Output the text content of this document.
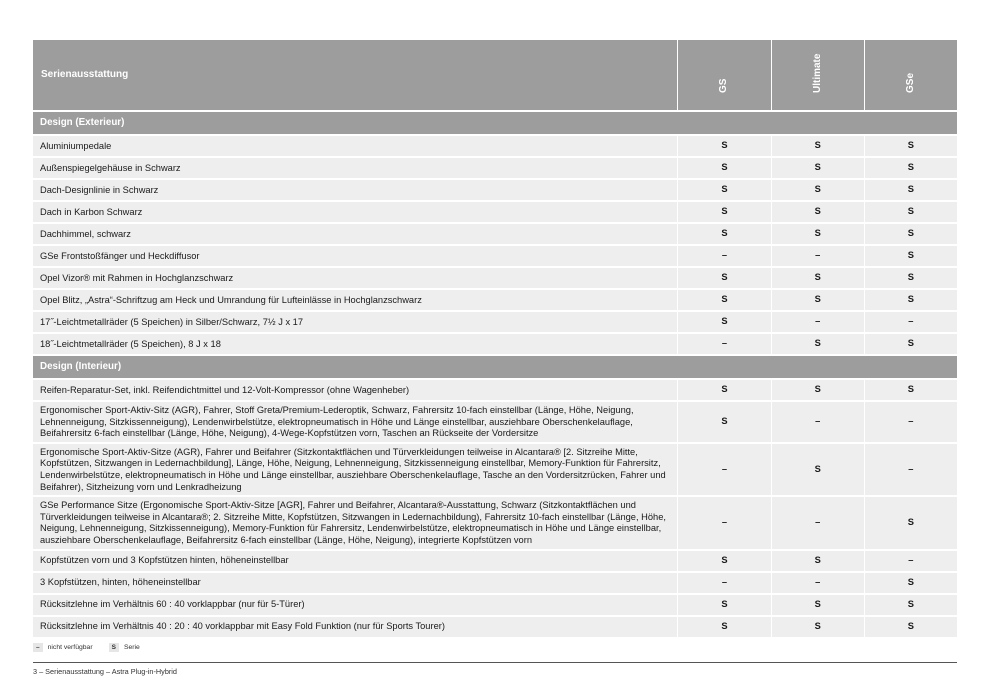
Serienausstattung	GS	Ultimate	GSe

Design (Exterieur)			
Aluminiumpedale	S	S	S
Außenspiegelgehäuse in Schwarz	S	S	S
Dach-Designlinie in Schwarz	S	S	S
Dach in Karbon Schwarz	S	S	S
Dachhimmel, schwarz	S	S	S
GSe Frontstoßfänger und Heckdiffusor	–	–	S
Opel Vizor® mit Rahmen in Hochglanzschwarz	S	S	S
Opel Blitz, „Astra“-Schriftzug am Heck und Umrandung für Lufteinlässe in Hochglanzschwarz	S	S	S
17˝-Leichtmetallräder (5 Speichen) in Silber/Schwarz, 7½ J x 17	S	–	–
18˝-Leichtmetallräder (5 Speichen), 8 J x 18	–	S	S
Design (Interieur)			
Reifen-Reparatur-Set, inkl. Reifendichtmittel und 12-Volt-Kompressor (ohne Wagenheber)	S	S	S
Ergonomischer Sport-Aktiv-Sitz (AGR), Fahrer, Stoff Greta/Premium-Lederoptik, Schwarz, Fahrersitz 10-fach einstellbar (Länge, Höhe, Neigung, Lehnenneigung, Sitzkissenneigung), Lendenwirbelstütze, elektropneumatisch in Höhe und Länge einstellbar, ausziehbare Oberschenkelauflage, Beifahrersitz 6-fach einstellbar (Länge, Höhe, Neigung), 4-Wege-Kopfstützen vorn, Taschen an Rückseite der Vordersitze	S	–	–
Ergonomische Sport-Aktiv-Sitze (AGR), Fahrer und Beifahrer (Sitzkontaktflächen und Türverkleidungen teilweise in Alcantara® [2. Sitzreihe Mitte, Kopfstützen, Sitzwangen in Ledernachbildung], Länge, Höhe, Neigung, Lehnenneigung, Sitzkissenneigung einstellbar, Memory-Funktion für Fahrersitz, Lendenwirbelstütze, elektropneumatisch in Höhe und Länge einstellbar, ausziehbare Oberschenkelauflage, Tasche an den Vordersitzrücken, Fahrer und Beifahrer), Sitzheizung vorn und Lenkradheizung	–	S	–
GSe Performance Sitze (Ergonomische Sport-Aktiv-Sitze [AGR], Fahrer und Beifahrer, Alcantara®-Ausstattung, Schwarz (Sitzkontaktflächen und Türverkleidungen teilweise in Alcantara®; 2. Sitzreihe Mitte, Kopfstützen, Sitzwangen in Ledernachbildung), Fahrersitz 10-fach einstellbar (Länge, Höhe, Neigung, Lehnenneigung, Sitzkissenneigung), Memory-Funktion für Fahrersitz, Lendenwirbelstütze, elektropneumatisch in Höhe und Länge einstellbar, ausziehbare Oberschenkelauflage, Beifahrersitz 6-fach einstellbar (Länge, Höhe, Neigung), integrierte Kopfstützen vorn	–	–	S
Kopfstützen vorn und 3 Kopfstützen hinten, höheneinstellbar	S	S	–
3 Kopfstützen, hinten, höheneinstellbar	–	–	S
Rücksitzlehne im Verhältnis 60 : 40 vorklappbar (nur für 5-Türer)	S	S	S
Rücksitzlehne im Verhältnis 40 : 20 : 40 vorklappbar mit Easy Fold Funktion (nur für Sports Tourer)	S	S	S
–	nicht verfügbar	S	Serie
3 – Serienausstattung – Astra Plug-in-Hybrid
